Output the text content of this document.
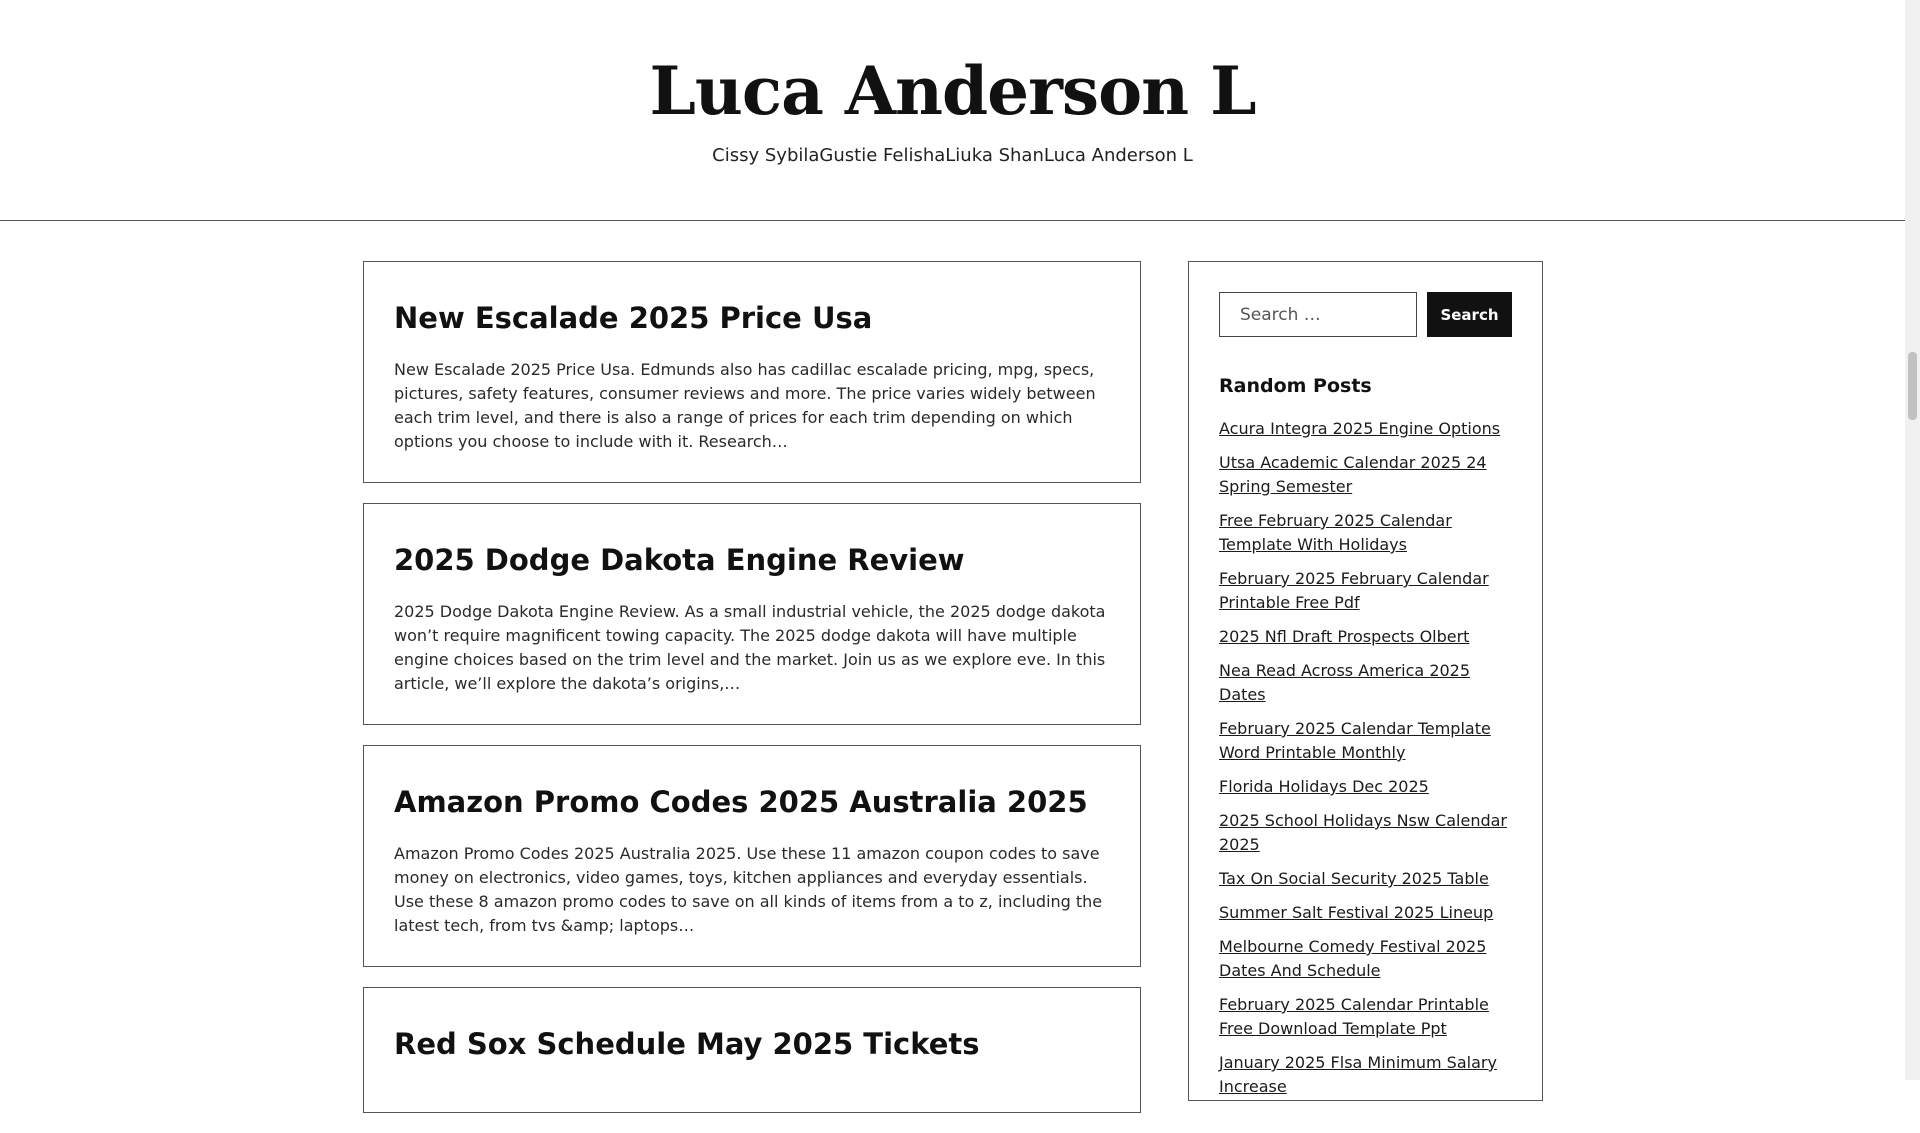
Luca Anderson L
Cissy SybilaGustie FelishaLiuka ShanLuca Anderson L
New Escalade 2025 Price Usa

New Escalade 2025 Price Usa. Edmunds also has cadillac escalade pricing, mpg, specs, pictures, safety features, consumer reviews and more. The price varies widely between each trim level, and there is also a range of prices for each trim depending on which options you choose to include with it. Research…

2025 Dodge Dakota Engine Review

2025 Dodge Dakota Engine Review. As a small industrial vehicle, the 2025 dodge dakota won’t require magnificent towing capacity. The 2025 dodge dakota will have multiple engine choices based on the trim level and the market. Join us as we explore eve. In this article, we’ll explore the dakota’s origins,…

Amazon Promo Codes 2025 Australia 2025

Amazon Promo Codes 2025 Australia 2025. Use these 11 amazon coupon codes to save money on electronics, video games, toys, kitchen appliances and everyday essentials. Use these 8 amazon promo codes to save on all kinds of items from a to z, including the latest tech, from tvs &amp; laptops…

Red Sox Schedule May 2025 Tickets

Search …
Search
Random Posts
Acura Integra 2025 Engine Options
Utsa Academic Calendar 2025 24 Spring Semester
Free February 2025 Calendar Template With Holidays
February 2025 February Calendar Printable Free Pdf
2025 Nfl Draft Prospects Olbert
Nea Read Across America 2025 Dates
February 2025 Calendar Template Word Printable Monthly
Florida Holidays Dec 2025
2025 School Holidays Nsw Calendar 2025
Tax On Social Security 2025 Table
Summer Salt Festival 2025 Lineup
Melbourne Comedy Festival 2025 Dates And Schedule
February 2025 Calendar Printable Free Download Template Ppt
January 2025 Flsa Minimum Salary Increase
